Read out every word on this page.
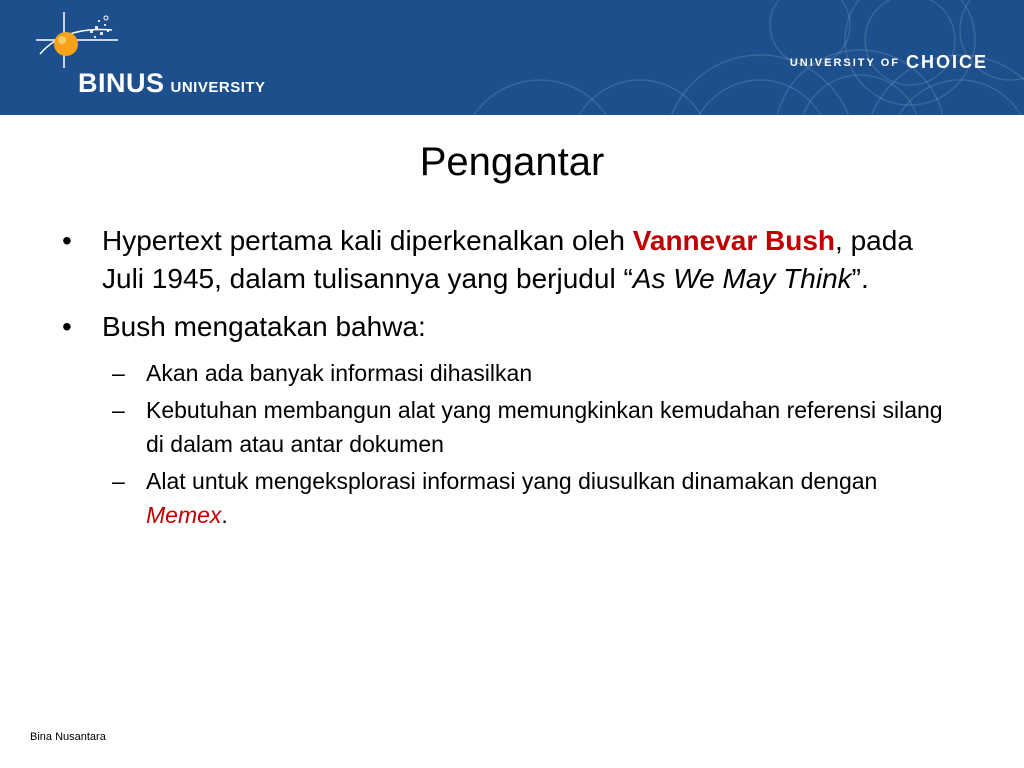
BINUS UNIVERSITY
UNIVERSITY OF CHOICE
Pengantar
• Hypertext pertama kali diperkenalkan oleh Vannevar Bush, pada Juli 1945, dalam tulisannya yang berjudul “As We May Think”.
• Bush mengatakan bahwa:
– Akan ada banyak informasi dihasilkan
– Kebutuhan membangun alat yang memungkinkan kemudahan referensi silang di dalam atau antar dokumen
– Alat untuk mengeksplorasi informasi yang diusulkan dinamakan dengan Memex.
Bina Nusantara
